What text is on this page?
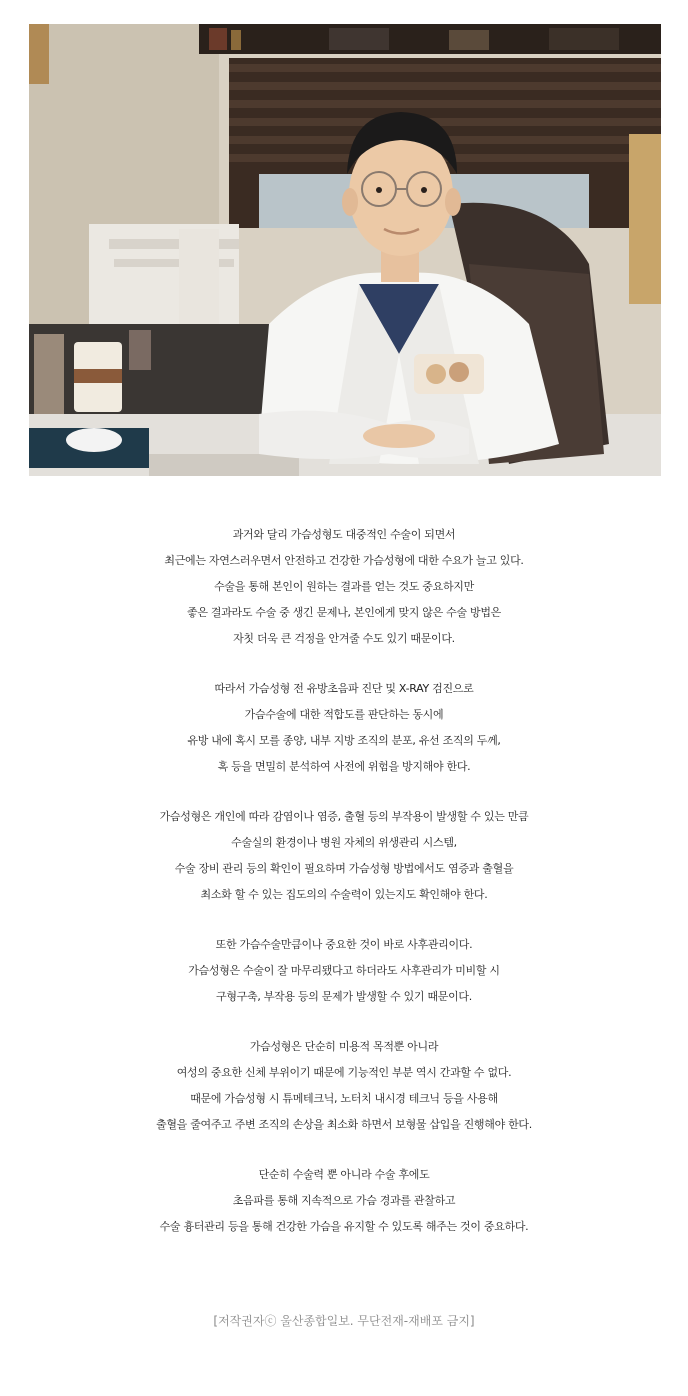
과거와 달리 가슴성형도 대중적인 수술이 되면서
최근에는 자연스러우면서 안전하고 건강한 가슴성형에 대한 수요가 늘고 있다.
수술을 통해 본인이 원하는 결과를 얻는 것도 중요하지만
좋은 결과라도 수술 중 생긴 문제나, 본인에게 맞지 않은 수술 방법은
자칫 더욱 큰 걱정을 안겨줄 수도 있기 때문이다.
따라서 가슴성형 전 유방초음파 진단 및 X-RAY 검진으로
가슴수술에 대한 적합도를 판단하는 동시에
유방 내에 혹시 모를 종양, 내부 지방 조직의 분포, 유선 조직의 두께,
혹 등을 면밀히 분석하여 사전에 위험을 방지해야 한다.
가슴성형은 개인에 따라 감염이나 염증, 출혈 등의 부작용이 발생할 수 있는 만큼
수술실의 환경이나 병원 자체의 위생관리 시스템,
수술 장비 관리 등의 확인이 필요하며 가슴성형 방법에서도 염증과 출혈을
최소화 할 수 있는 집도의의 수술력이 있는지도 확인해야 한다.
또한 가슴수술만큼이나 중요한 것이 바로 사후관리이다.
가슴성형은 수술이 잘 마무리됐다고 하더라도 사후관리가 미비할 시
구형구축, 부작용 등의 문제가 발생할 수 있기 때문이다.
가슴성형은 단순히 미용적 목적뿐 아니라
여성의 중요한 신체 부위이기 때문에 기능적인 부분 역시 간과할 수 없다.
때문에 가슴성형 시 튜메테크닉, 노터치 내시경 테크닉 등을 사용해
출혈을 줄여주고 주변 조직의 손상을 최소화 하면서 보형물 삽입을 진행해야 한다.
단순히 수술력 뿐 아니라 수술 후에도
초음파를 통해 지속적으로 가슴 경과를 관찰하고
수술 흉터관리 등을 통해 건강한 가슴을 유지할 수 있도록 해주는 것이 중요하다.
[저작권자ⓒ 울산종합일보. 무단전재-재배포 금지]
